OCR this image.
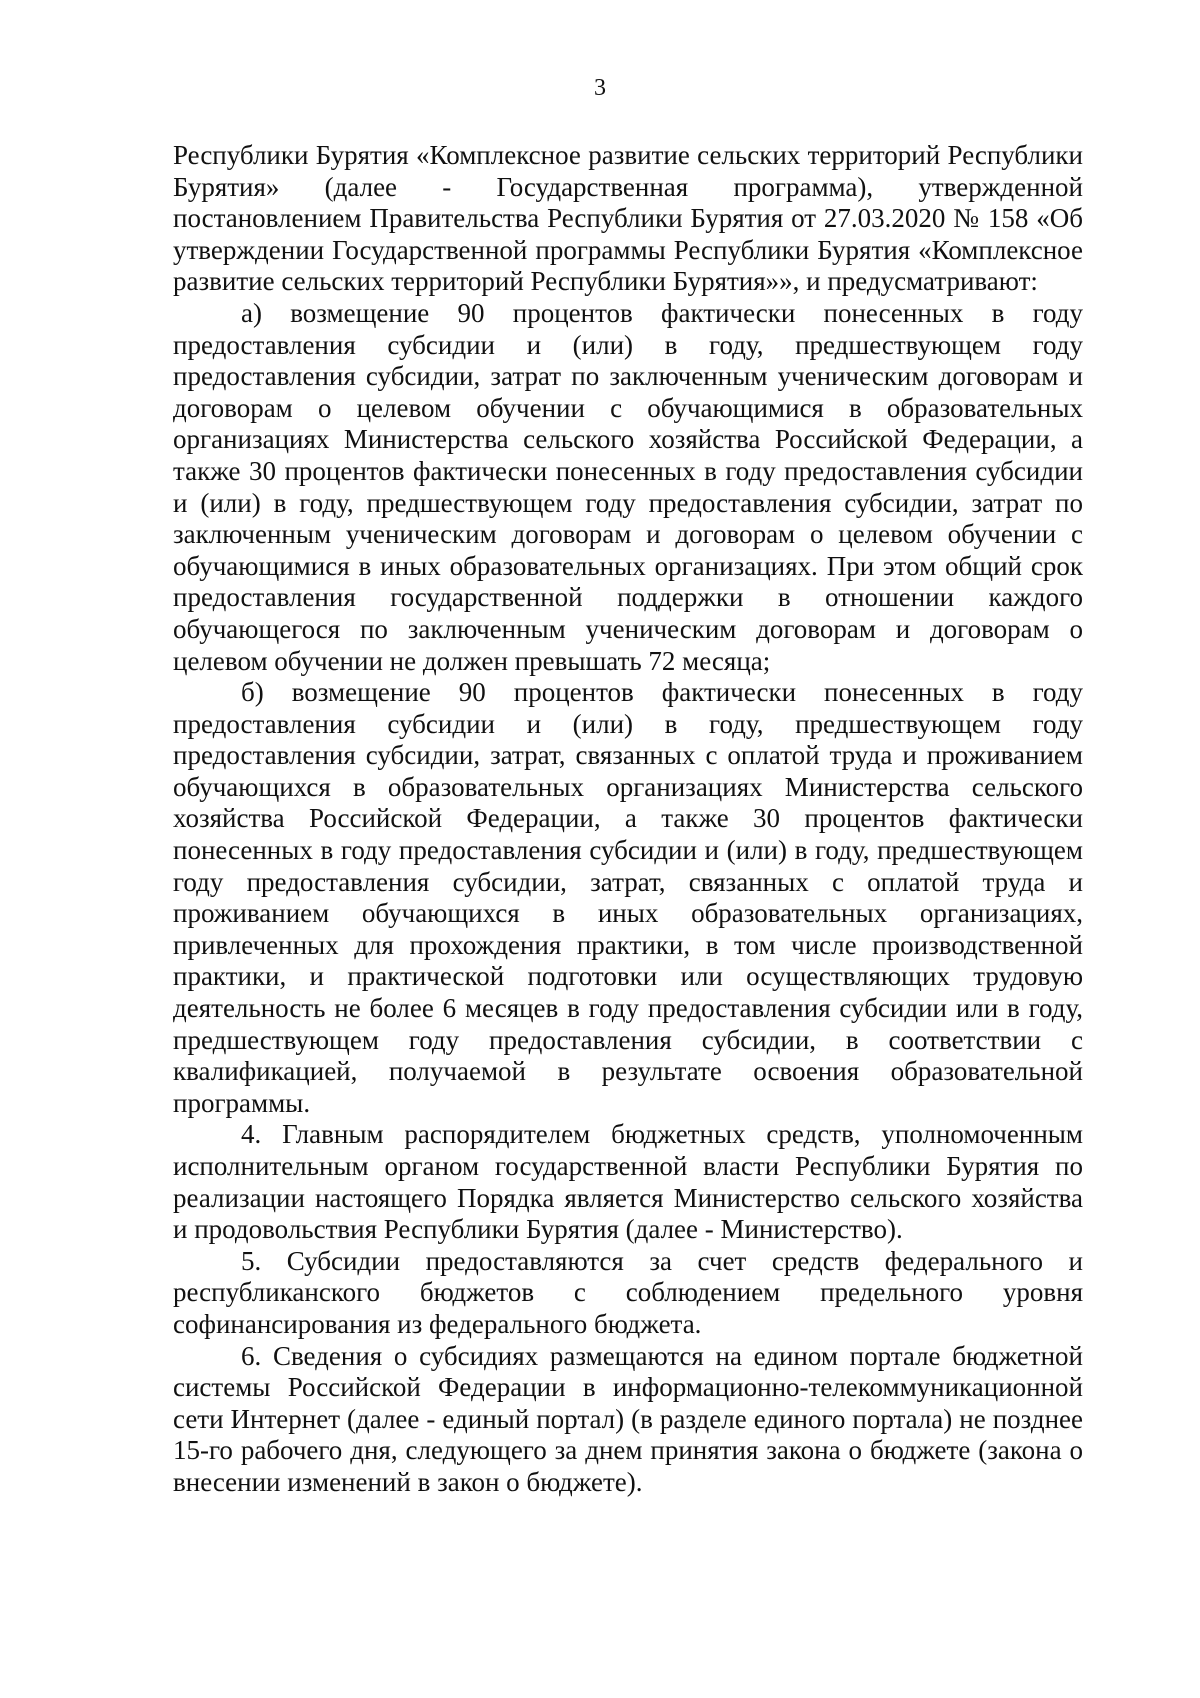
3

Республики Бурятия «Комплексное развитие сельских территорий Республики Бурятия» (далее - Государственная программа), утвержденной постановлением Правительства Республики Бурятия от 27.03.2020 № 158 «Об утверждении Государственной программы Республики Бурятия «Комплексное развитие сельских территорий Республики Бурятия»», и предусматривают:

а) возмещение 90 процентов фактически понесенных в году предоставления субсидии и (или) в году, предшествующем году предоставления субсидии, затрат по заключенным ученическим договорам и договорам о целевом обучении с обучающимися в образовательных организациях Министерства сельского хозяйства Российской Федерации, а также 30 процентов фактически понесенных в году предоставления субсидии и (или) в году, предшествующем году предоставления субсидии, затрат по заключенным ученическим договорам и договорам о целевом обучении с обучающимися в иных образовательных организациях. При этом общий срок предоставления государственной поддержки в отношении каждого обучающегося по заключенным ученическим договорам и договорам о целевом обучении не должен превышать 72 месяца;

б) возмещение 90 процентов фактически понесенных в году предоставления субсидии и (или) в году, предшествующем году предоставления субсидии, затрат, связанных с оплатой труда и проживанием обучающихся в образовательных организациях Министерства сельского хозяйства Российской Федерации, а также 30 процентов фактически понесенных в году предоставления субсидии и (или) в году, предшествующем году предоставления субсидии, затрат, связанных с оплатой труда и проживанием обучающихся в иных образовательных организациях, привлеченных для прохождения практики, в том числе производственной практики, и практической подготовки или осуществляющих трудовую деятельность не более 6 месяцев в году предоставления субсидии или в году, предшествующем году предоставления субсидии, в соответствии с квалификацией, получаемой в результате освоения образовательной программы.

4. Главным распорядителем бюджетных средств, уполномоченным исполнительным органом государственной власти Республики Бурятия по реализации настоящего Порядка является Министерство сельского хозяйства и продовольствия Республики Бурятия (далее - Министерство).

5. Субсидии предоставляются за счет средств федерального и республиканского бюджетов с соблюдением предельного уровня софинансирования из федерального бюджета.

6. Сведения о субсидиях размещаются на едином портале бюджетной системы Российской Федерации в информационно-телекоммуникационной сети Интернет (далее - единый портал) (в разделе единого портала) не позднее 15-го рабочего дня, следующего за днем принятия закона о бюджете (закона о внесении изменений в закон о бюджете).
